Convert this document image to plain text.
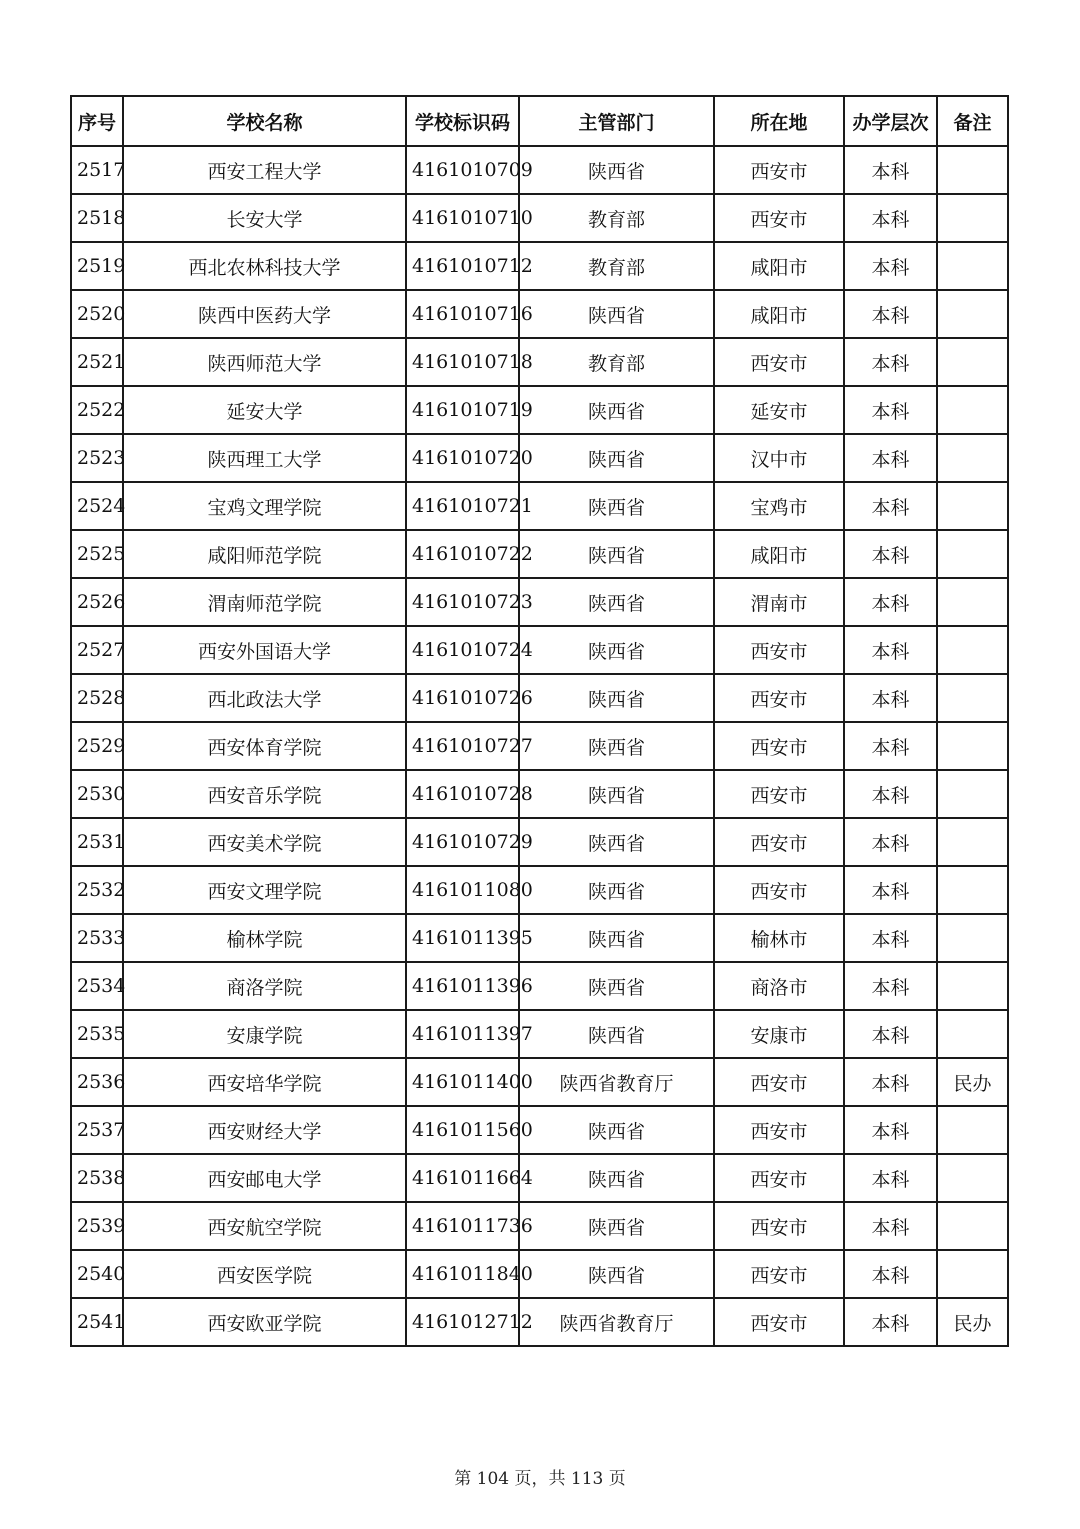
序号	学校名称	学校标识码	主管部门	所在地	办学层次	备注
2517	西安工程大学	4161010709	陕西省	西安市	本科	
2518	长安大学	4161010710	教育部	西安市	本科	
2519	西北农林科技大学	4161010712	教育部	咸阳市	本科	
2520	陕西中医药大学	4161010716	陕西省	咸阳市	本科	
2521	陕西师范大学	4161010718	教育部	西安市	本科	
2522	延安大学	4161010719	陕西省	延安市	本科	
2523	陕西理工大学	4161010720	陕西省	汉中市	本科	
2524	宝鸡文理学院	4161010721	陕西省	宝鸡市	本科	
2525	咸阳师范学院	4161010722	陕西省	咸阳市	本科	
2526	渭南师范学院	4161010723	陕西省	渭南市	本科	
2527	西安外国语大学	4161010724	陕西省	西安市	本科	
2528	西北政法大学	4161010726	陕西省	西安市	本科	
2529	西安体育学院	4161010727	陕西省	西安市	本科	
2530	西安音乐学院	4161010728	陕西省	西安市	本科	
2531	西安美术学院	4161010729	陕西省	西安市	本科	
2532	西安文理学院	4161011080	陕西省	西安市	本科	
2533	榆林学院	4161011395	陕西省	榆林市	本科	
2534	商洛学院	4161011396	陕西省	商洛市	本科	
2535	安康学院	4161011397	陕西省	安康市	本科	
2536	西安培华学院	4161011400	陕西省教育厅	西安市	本科	民办
2537	西安财经大学	4161011560	陕西省	西安市	本科	
2538	西安邮电大学	4161011664	陕西省	西安市	本科	
2539	西安航空学院	4161011736	陕西省	西安市	本科	
2540	西安医学院	4161011840	陕西省	西安市	本科	
2541	西安欧亚学院	4161012712	陕西省教育厅	西安市	本科	民办
第 104 页，共 113 页
